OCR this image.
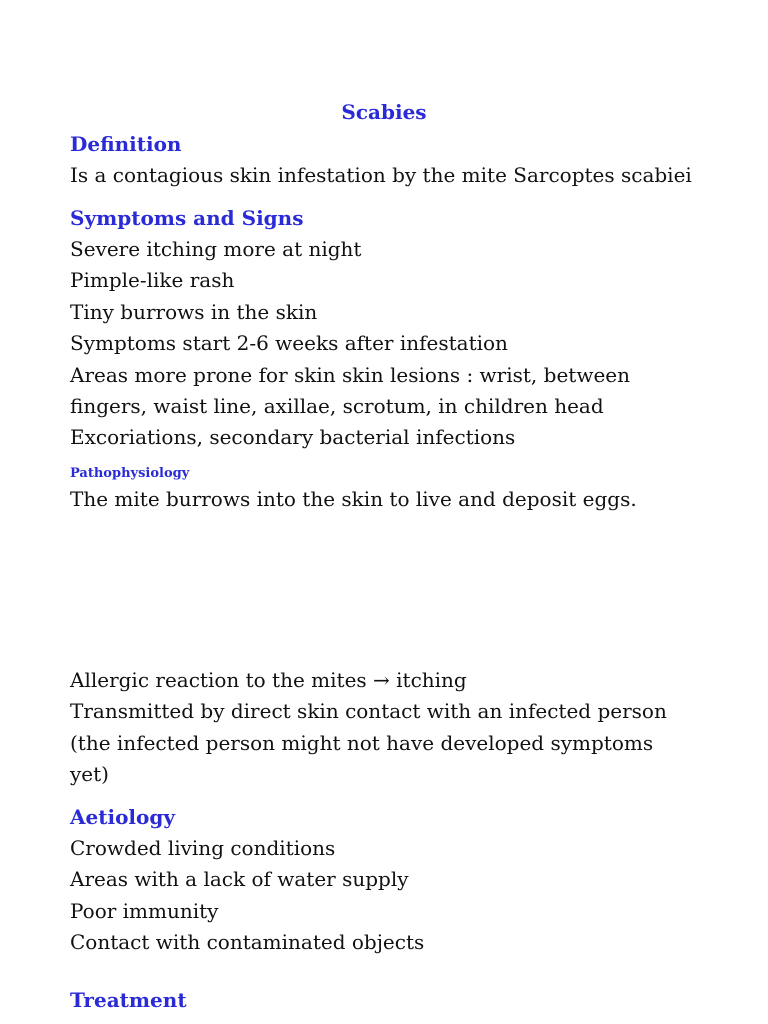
Scabies
Definition
Is a contagious skin infestation by the mite Sarcoptes scabiei
Symptoms and Signs
Severe itching more at night
Pimple-like rash
Tiny burrows in the skin
Symptoms start 2-6 weeks after infestation
Areas more prone for skin skin lesions : wrist, between
fingers, waist line, axillae, scrotum, in children head
Excoriations, secondary bacterial infections
Pathophysiology
The mite burrows into the skin to live and deposit eggs.
Allergic reaction to the mites → itching
Transmitted by direct skin contact with an infected person
(the infected person might not have developed symptoms
yet)
Aetiology
Crowded living conditions
Areas with a lack of water supply
Poor immunity
Contact with contaminated objects
Treatment
